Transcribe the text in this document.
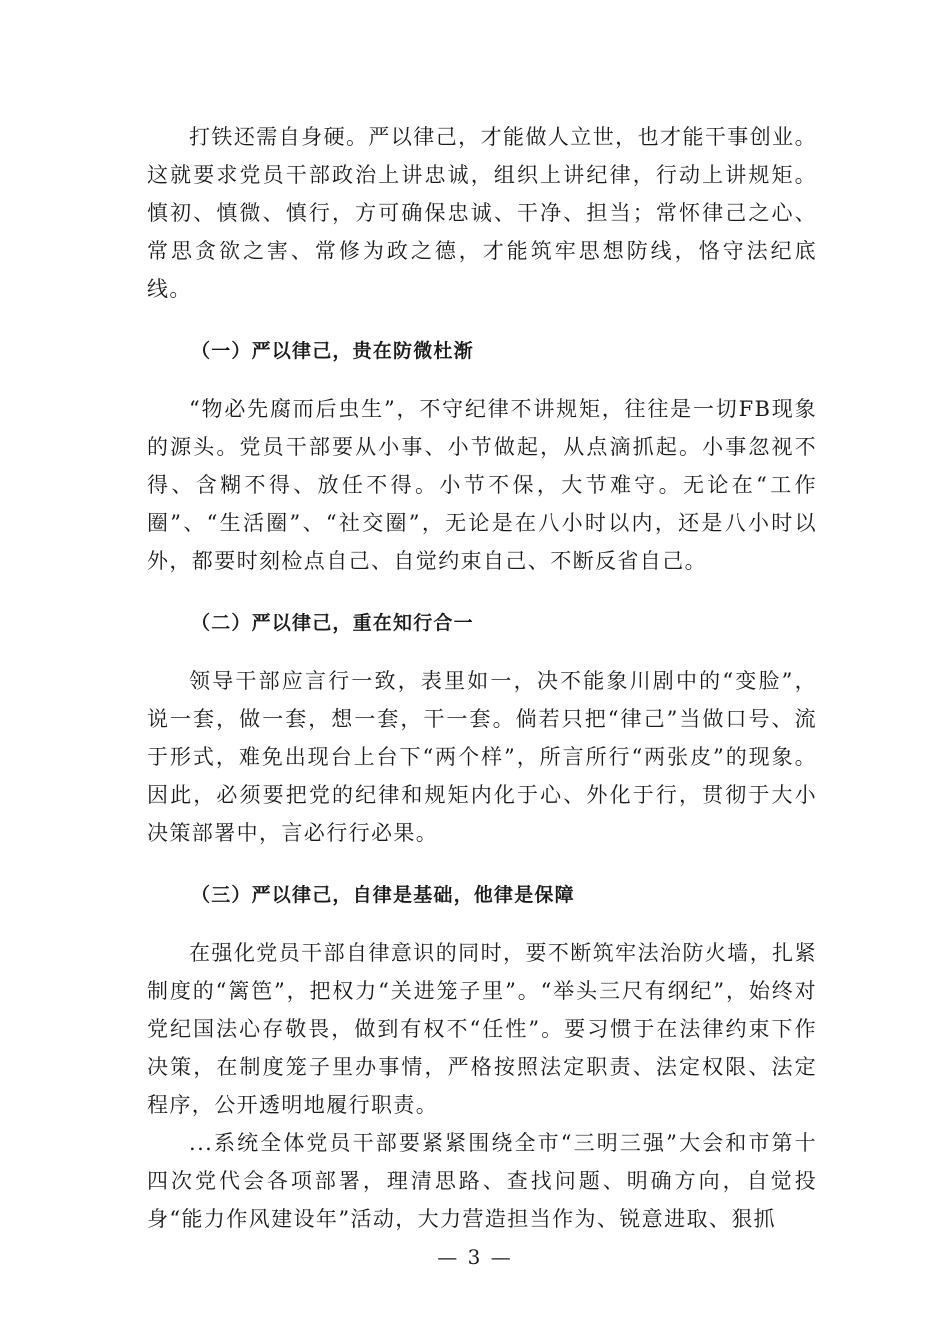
打铁还需自身硬。严以律己，才能做人立世，也才能干事创业。这就要求党员干部政治上讲忠诚，组织上讲纪律，行动上讲规矩。慎初、慎微、慎行，方可确保忠诚、干净、担当；常怀律己之心、常思贪欲之害、常修为政之德，才能筑牢思想防线，恪守法纪底线。

（一）严以律己，贵在防微杜渐

“物必先腐而后虫生”，不守纪律不讲规矩，往往是一切FB现象的源头。党员干部要从小事、小节做起，从点滴抓起。小事忽视不得、含糊不得、放任不得。小节不保，大节难守。无论在“工作圈”、“生活圈”、“社交圈”，无论是在八小时以内，还是八小时以外，都要时刻检点自己、自觉约束自己、不断反省自己。

（二）严以律己，重在知行合一

领导干部应言行一致，表里如一，决不能象川剧中的“变脸”，说一套，做一套，想一套，干一套。倘若只把“律己”当做口号、流于形式，难免出现台上台下“两个样”，所言所行“两张皮”的现象。因此，必须要把党的纪律和规矩内化于心、外化于行，贯彻于大小决策部署中，言必行行必果。

（三）严以律己，自律是基础，他律是保障

在强化党员干部自律意识的同时，要不断筑牢法治防火墙，扎紧制度的“篱笆”，把权力“关进笼子里”。“举头三尺有纲纪”，始终对党纪国法心存敬畏，做到有权不“任性”。要习惯于在法律约束下作决策，在制度笼子里办事情，严格按照法定职责、法定权限、法定程序，公开透明地履行职责。

...系统全体党员干部要紧紧围绕全市“三明三强”大会和市第十四次党代会各项部署，理清思路、查找问题、明确方向，自觉投身“能力作风建设年”活动，大力营造担当作为、锐意进取、狠抓

— 3 —
